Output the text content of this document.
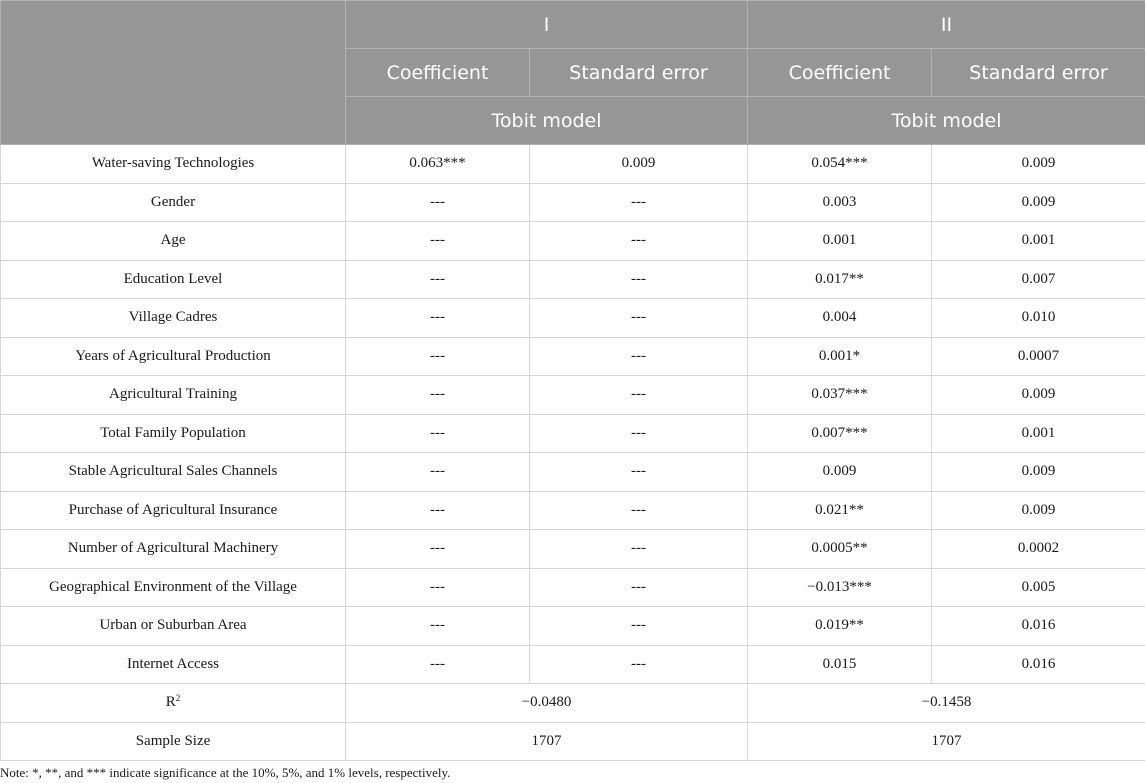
	I		II	
	Coefficient	Standard error	Coefficient	Standard error
	Tobit model		Tobit model	
Water-saving Technologies	0.063***	0.009	0.054***	0.009
Gender	---	---	0.003	0.009
Age	---	---	0.001	0.001
Education Level	---	---	0.017**	0.007
Village Cadres	---	---	0.004	0.010
Years of Agricultural Production	---	---	0.001*	0.0007
Agricultural Training	---	---	0.037***	0.009
Total Family Population	---	---	0.007***	0.001
Stable Agricultural Sales Channels	---	---	0.009	0.009
Purchase of Agricultural Insurance	---	---	0.021**	0.009
Number of Agricultural Machinery	---	---	0.0005**	0.0002
Geographical Environment of the Village	---	---	−0.013***	0.005
Urban or Suburban Area	---	---	0.019**	0.016
Internet Access	---	---	0.015	0.016
$R^2$	−0.0480		−0.1458	
Sample Size	1707		1707	
Note: *, **, and *** indicate significance at the 10%, 5%, and 1% levels, respectively.
